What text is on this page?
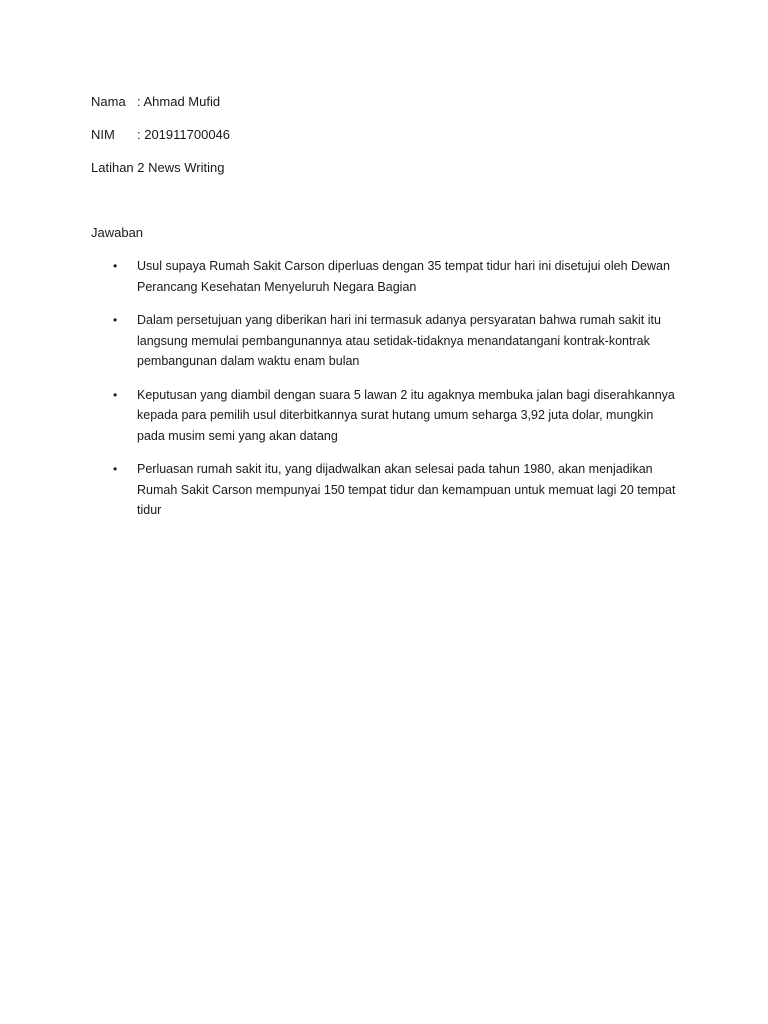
Nama : Ahmad Mufid
NIM : 201911700046
Latihan 2 News Writing
Jawaban
• Usul supaya Rumah Sakit Carson diperluas dengan 35 tempat tidur hari ini disetujui oleh Dewan Perancang Kesehatan Menyeluruh Negara Bagian
• Dalam persetujuan yang diberikan hari ini termasuk adanya persyaratan bahwa rumah sakit itu langsung memulai pembangunannya atau setidak-tidaknya menandatangani kontrak-kontrak pembangunan dalam waktu enam bulan
• Keputusan yang diambil dengan suara 5 lawan 2 itu agaknya membuka jalan bagi diserahkannya kepada para pemilih usul diterbitkannya surat hutang umum seharga 3,92 juta dolar, mungkin pada musim semi yang akan datang
• Perluasan rumah sakit itu, yang dijadwalkan akan selesai pada tahun 1980, akan menjadikan Rumah Sakit Carson mempunyai 150 tempat tidur dan kemampuan untuk memuat lagi 20 tempat tidur
